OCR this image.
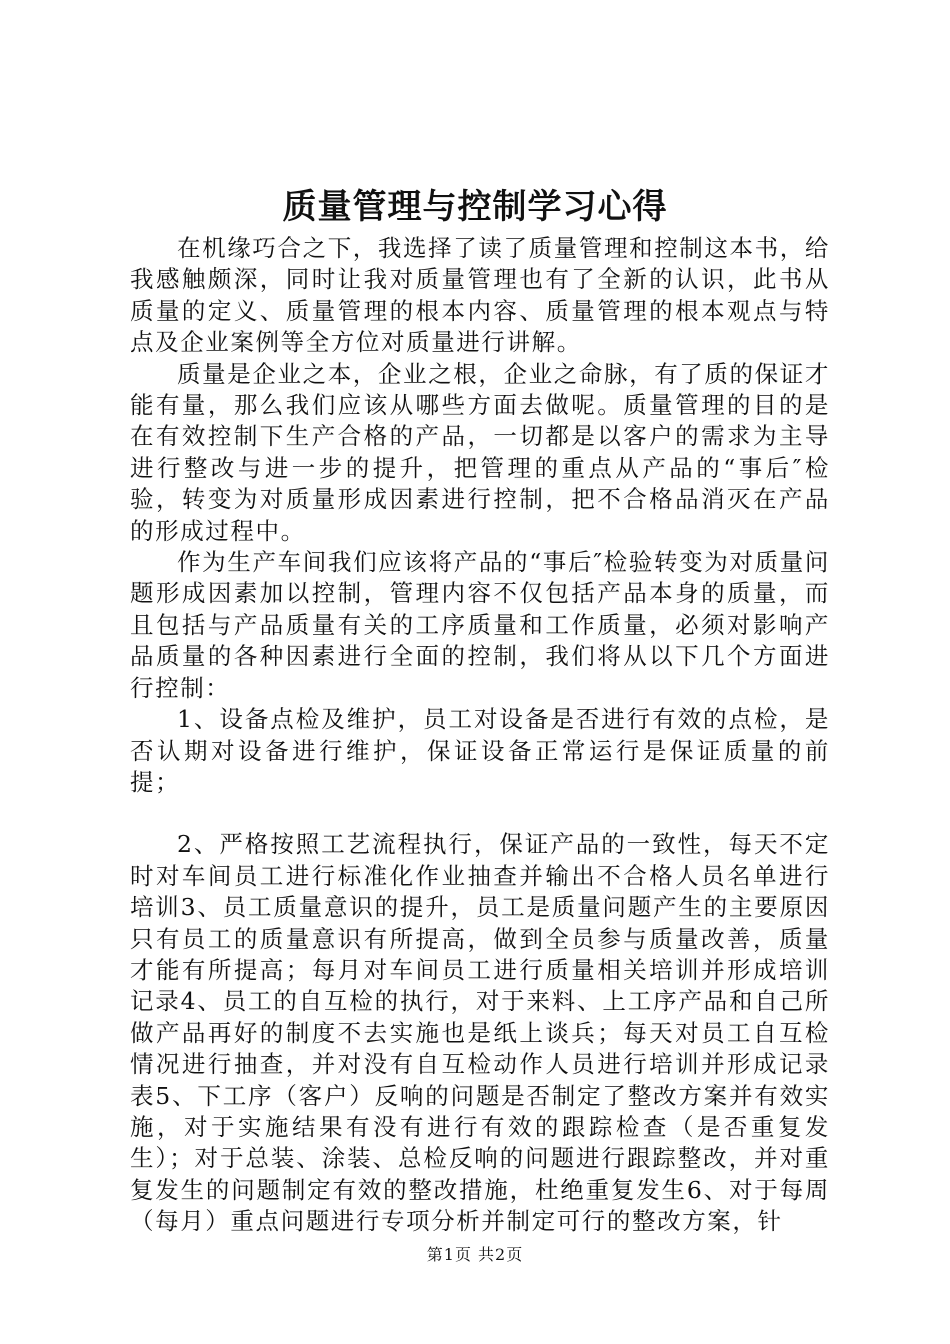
质量管理与控制学习心得

在机缘巧合之下，我选择了读了质量管理和控制这本书，给我感触颇深，同时让我对质量管理也有了全新的认识，此书从质量的定义、质量管理的根本内容、质量管理的根本观点与特点及企业案例等全方位对质量进行讲解。

质量是企业之本，企业之根，企业之命脉，有了质的保证才能有量，那么我们应该从哪些方面去做呢。质量管理的目的是在有效控制下生产合格的产品，一切都是以客户的需求为主导进行整改与进一步的提升，把管理的重点从产品的“事后″检验，转变为对质量形成因素进行控制，把不合格品消灭在产品的形成过程中。

作为生产车间我们应该将产品的“事后″检验转变为对质量问题形成因素加以控制，管理内容不仅包括产品本身的质量，而且包括与产品质量有关的工序质量和工作质量，必须对影响产品质量的各种因素进行全面的控制，我们将从以下几个方面进行控制：

1、设备点检及维护，员工对设备是否进行有效的点检，是否认期对设备进行维护，保证设备正常运行是保证质量的前提；

2、严格按照工艺流程执行，保证产品的一致性，每天不定时对车间员工进行标准化作业抽查并输出不合格人员名单进行培训3、员工质量意识的提升，员工是质量问题产生的主要原因只有员工的质量意识有所提高，做到全员参与质量改善，质量才能有所提高；每月对车间员工进行质量相关培训并形成培训记录4、员工的自互检的执行，对于来料、上工序产品和自己所做产品再好的制度不去实施也是纸上谈兵；每天对员工自互检情况进行抽查，并对没有自互检动作人员进行培训并形成记录表5、下工序（客户）反响的问题是否制定了整改方案并有效实施，对于实施结果有没有进行有效的跟踪检查（是否重复发生）；对于总装、涂装、总检反响的问题进行跟踪整改，并对重复发生的问题制定有效的整改措施，杜绝重复发生6、对于每周（每月）重点问题进行专项分析并制定可行的整改方案，针

第1页 共2页
